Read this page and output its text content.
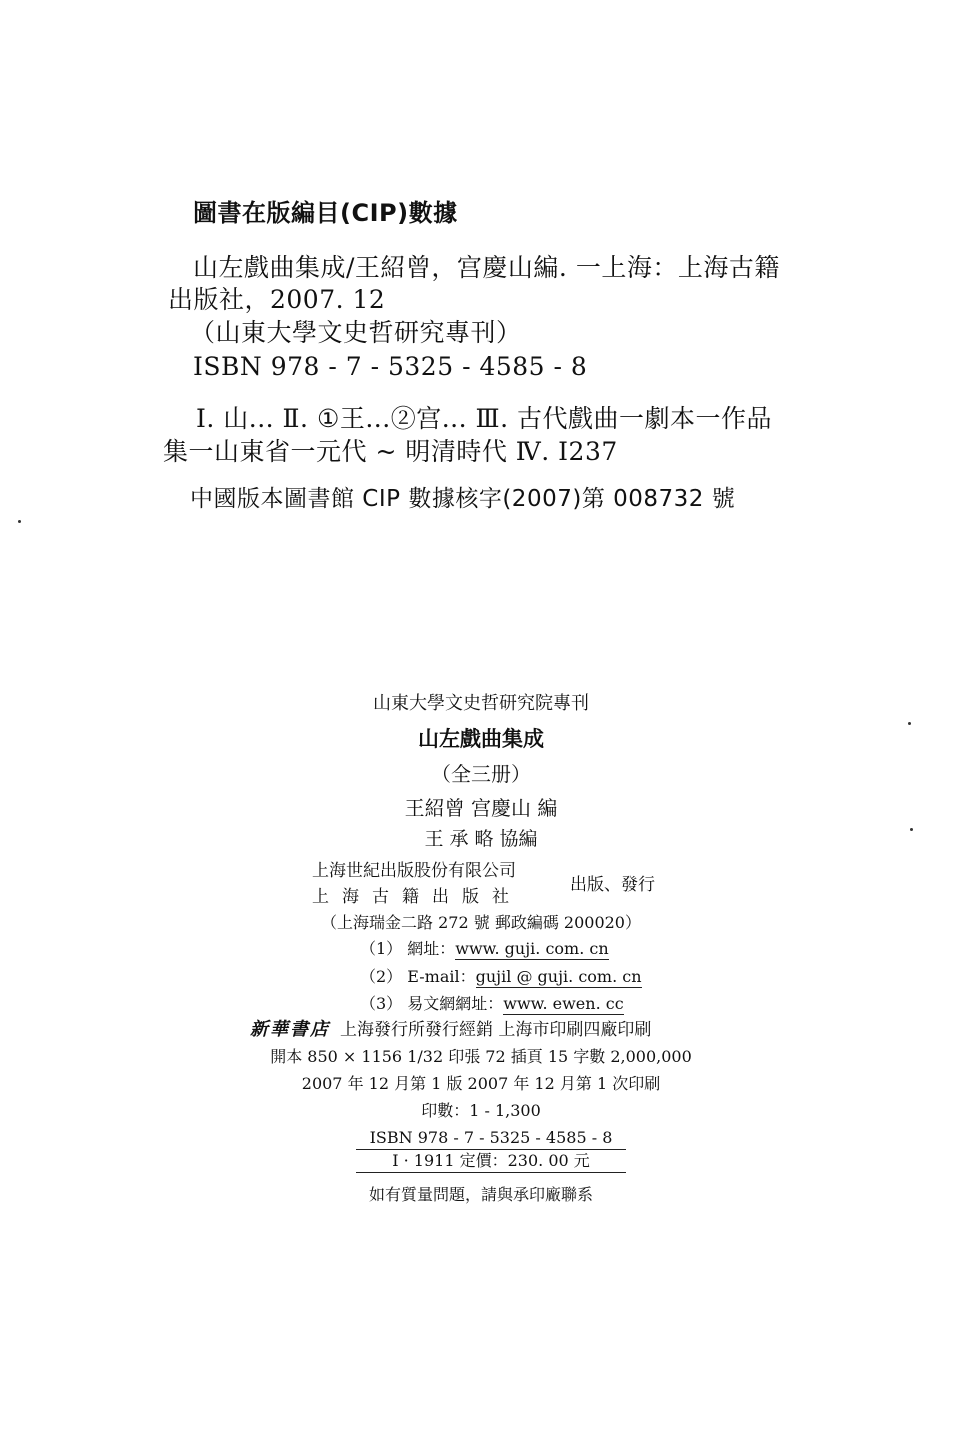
圖書在版編目(CIP)數據
山左戲曲集成/王紹曾，宫慶山編. 一上海：上海古籍
出版社，2007. 12
（山東大學文史哲研究專刊）
ISBN 978 - 7 - 5325 - 4585 - 8
Ⅰ. 山... Ⅱ. ①王...②宫... Ⅲ. 古代戲曲一劇本一作品
集一山東省一元代 ~ 明清時代 Ⅳ. I237
中國版本圖書館 CIP 數據核字(2007)第 008732 號
山東大學文史哲研究院專刊
山左戲曲集成
（全三册）
王紹曾 宫慶山 編
王 承 略 協編
上海世紀出版股份有限公司
上海古籍出版社
出版、發行
（上海瑞金二路 272 號 郵政編碼 200020）
（1） 網址：www. guji. com. cn
（2） E-mail：gujil @ guji. com. cn
（3） 易文網網址：www. ewen. cc
新華書店 上海發行所發行經銷 上海市印刷四廠印刷
開本 850 × 1156 1/32 印張 72 插頁 15 字數 2,000,000
2007 年 12 月第 1 版 2007 年 12 月第 1 次印刷
印數：1 - 1,300
ISBN 978 - 7 - 5325 - 4585 - 8
I · 1911 定價：230. 00 元
如有質量問題，請與承印廠聯系
